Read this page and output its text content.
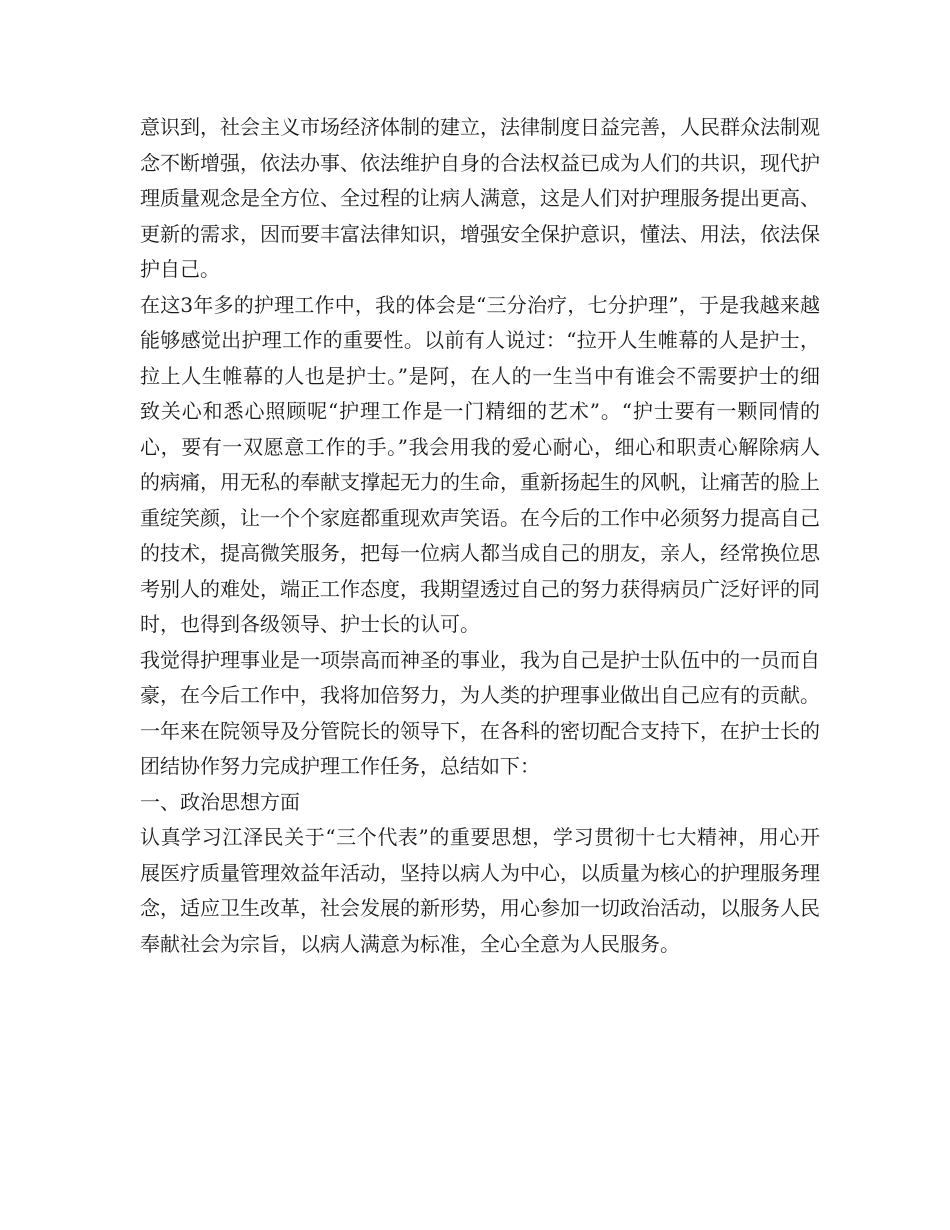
意识到，社会主义市场经济体制的建立，法律制度日益完善，人民群众法制观念不断增强，依法办事、依法维护自身的合法权益已成为人们的共识，现代护理质量观念是全方位、全过程的让病人满意，这是人们对护理服务提出更高、更新的需求，因而要丰富法律知识，增强安全保护意识，懂法、用法，依法保护自己。

在这3年多的护理工作中，我的体会是“三分治疗，七分护理”，于是我越来越能够感觉出护理工作的重要性。以前有人说过：“拉开人生帷幕的人是护士，拉上人生帷幕的人也是护士。”是阿，在人的一生当中有谁会不需要护士的细致关心和悉心照顾呢“护理工作是一门精细的艺术”。“护士要有一颗同情的心，要有一双愿意工作的手。”我会用我的爱心耐心，细心和职责心解除病人的病痛，用无私的奉献支撑起无力的生命，重新扬起生的风帆，让痛苦的脸上重绽笑颜，让一个个家庭都重现欢声笑语。在今后的工作中必须努力提高自己的技术，提高微笑服务，把每一位病人都当成自己的朋友，亲人，经常换位思考别人的难处，端正工作态度，我期望透过自己的努力获得病员广泛好评的同时，也得到各级领导、护士长的认可。

我觉得护理事业是一项崇高而神圣的事业，我为自己是护士队伍中的一员而自豪，在今后工作中，我将加倍努力，为人类的护理事业做出自己应有的贡献。

一年来在院领导及分管院长的领导下，在各科的密切配合支持下，在护士长的团结协作努力完成护理工作任务，总结如下：

一、政治思想方面

认真学习江泽民关于“三个代表”的重要思想，学习贯彻十七大精神，用心开展医疗质量管理效益年活动，坚持以病人为中心，以质量为核心的护理服务理念，适应卫生改革，社会发展的新形势，用心参加一切政治活动，以服务人民奉献社会为宗旨，以病人满意为标准，全心全意为人民服务。
